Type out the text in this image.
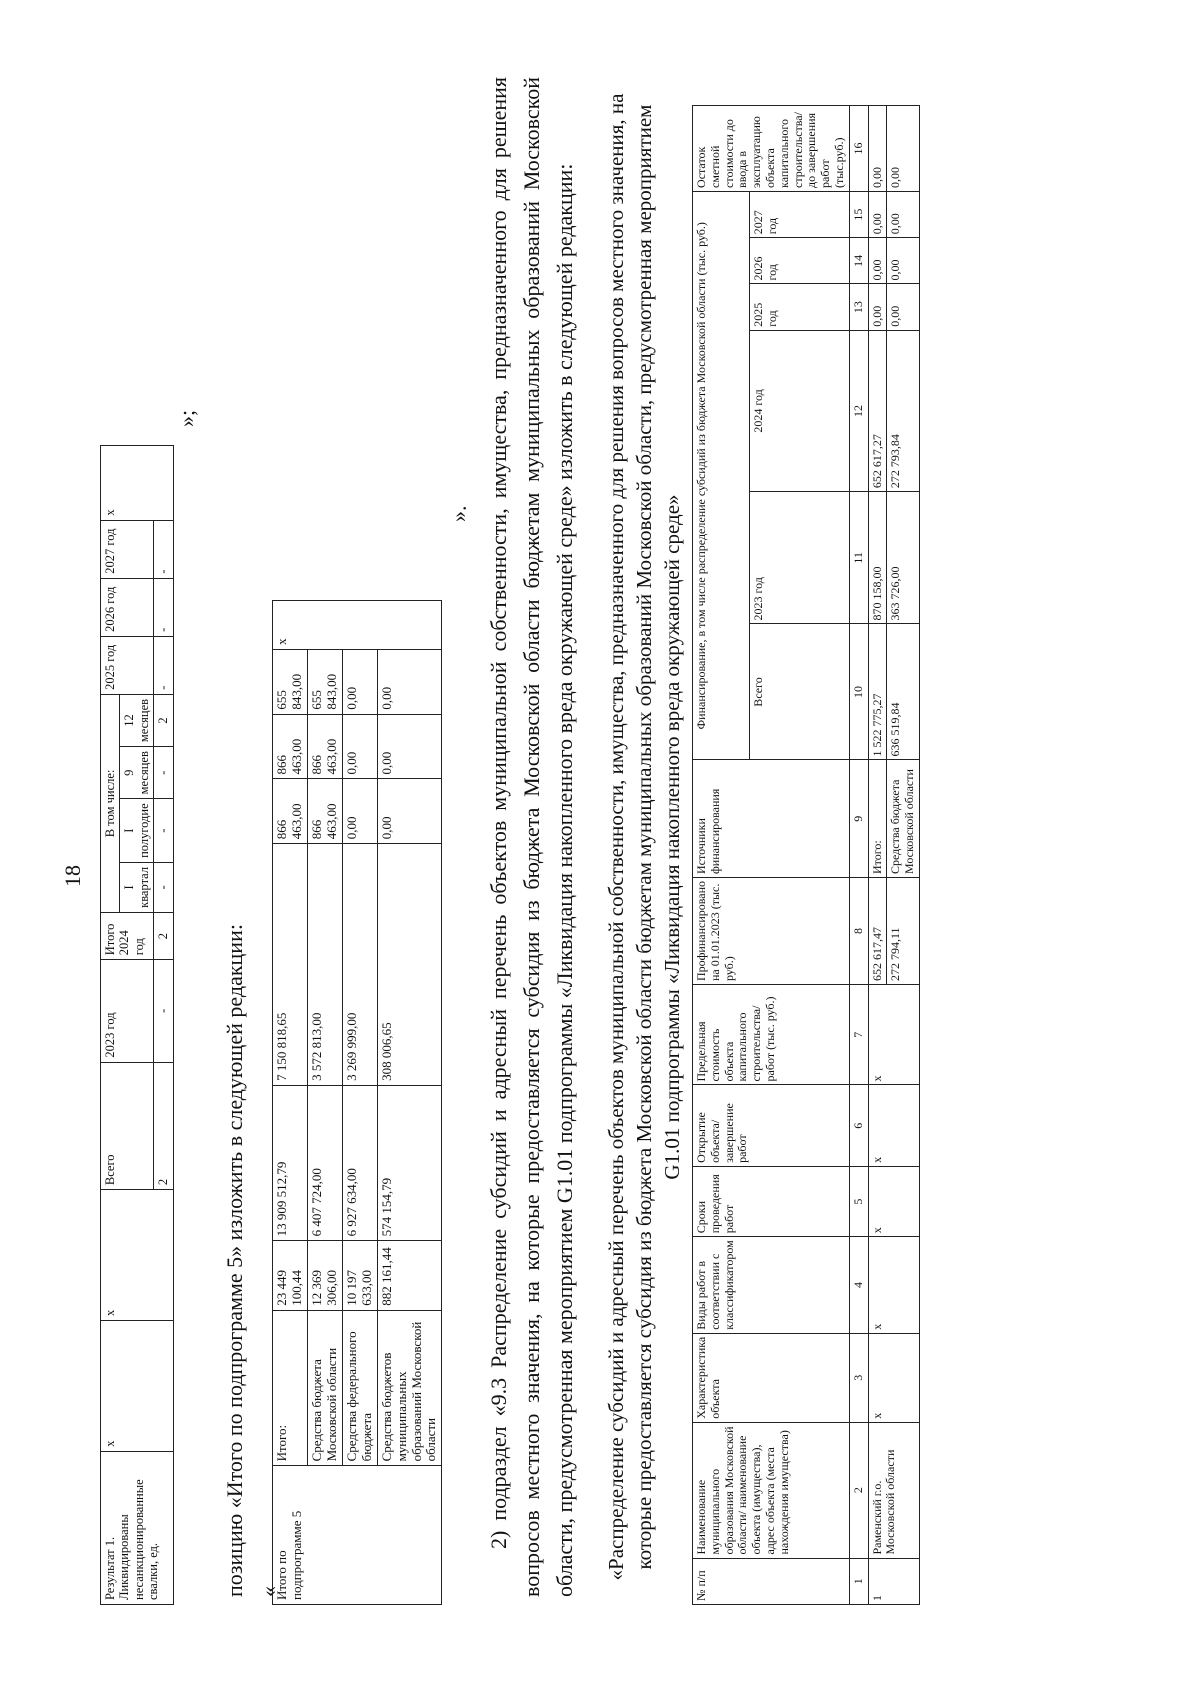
18
Результат 1. Ликвидированы несанкционированные свалки, ед.	х	х	Всего	2023 год	Итого 2024 год	В том числе:				2025 год	2026 год	2027 год	х
						I квартал	I полугодие	9 месяцев	12 месяцев				
			2	-	2	-	-	-	2	-	-	-	
»;
позицию «Итого по подпрограмме 5» изложить в следующей редакции: «
Итого по подпрограмме 5	Итого:	23 449 100,44	13 909 512,79	7 150 818,65	866 463,00	866 463,00	655 843,00	х
	Средства бюджета Московской области	12 369 306,00	6 407 724,00	3 572 813,00	866 463,00	866 463,00	655 843,00	
	Средства федерального бюджета	10 197 633,00	6 927 634,00	3 269 999,00	0,00	0,00	0,00	
	Средства бюджетов муниципальных образований Московской области	882 161,44	574 154,79	308 006,65	0,00	0,00	0,00	
». 2) подраздел «9.3 Распределение субсидий и адресный перечень объектов муниципальной собственности, имущества, предназначенного для решения вопросов местного значения, на которые предоставляется субсидия из бюджета Московской области бюджетам муниципальных образований Московской области, предусмотренная мероприятием G1.01 подпрограммы «Ликвидация накопленного вреда окружающей среде» изложить в следующей редакции: «Распределение субсидий и адресный перечень объектов муниципальной собственности, имущества, предназначенного для решения вопросов местного значения, на которые предоставляется субсидия из бюджета Московской области бюджетам муниципальных образований Московской области, предусмотренная мероприятием G1.01 подпрограммы «Ликвидация накопленного вреда окружающей среде»
№ п/п	Наименование муниципального образования Московской области/ наименование объекта (имущества), адрес объекта (места нахождения имущества)	Характеристика объекта	Виды работ в соответствии с классификатором	Сроки проведения работ	Открытие объекта/ завершение работ	Предельная стоимость объекта капитального строительства/работ (тыс. руб.)	Профинансировано на 01.01.2023 (тыс. руб.)	Источники финансирования	Финансирование, в том числе распределение субсидий из бюджета Московской области (тыс. руб.)						Остаток сметной стоимости до ввода в эксплуатацию объекта капитального строительства/ до завершения работ (тыс.руб.)
									Всего	2023 год	2024 год	2025 год	2026 год	2027 год	
1	2	3	4	5	6	7	8	9	10	11	12	13	14	15	16
1	Раменский г.о. Московской области	х	х	х	х	х	652 617,47	Итого:	1 522 775,27	870 158,00	652 617,27	0,00	0,00	0,00	0,00
							272 794,11	Средства бюджета Московской области	636 519,84	363 726,00	272 793,84	0,00	0,00	0,00	0,00
